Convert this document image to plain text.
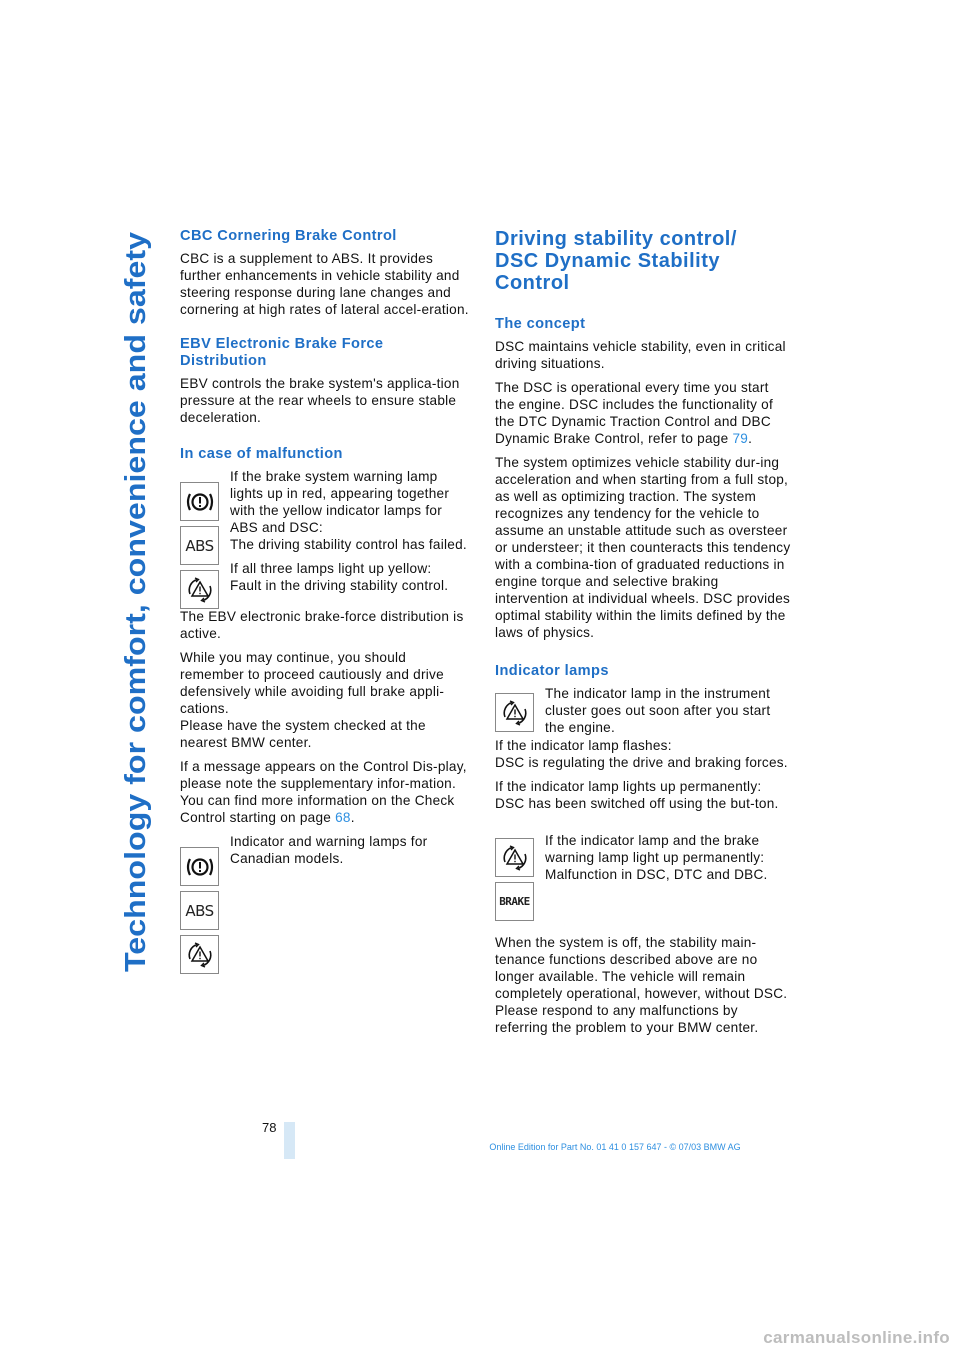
Technology for comfort, convenience and safety
CBC Cornering Brake Control

CBC is a supplement to ABS. It provides further enhancements in vehicle stability and steering response during lane changes and cornering at high rates of lateral accel-eration.

EBV Electronic Brake Force Distribution

EBV controls the brake system's applica-tion pressure at the rear wheels to ensure stable deceleration.

In case of malfunction
ABS

If the brake system warning lamp lights up in red, appearing together with the yellow indicator lamps for ABS and DSC:

The driving stability control has failed.

If all three lamps light up yellow:

Fault in the driving stability control.

The EBV electronic brake-force distribution is active.

While you may continue, you should remember to proceed cautiously and drive defensively while avoiding full brake appli-cations.

Please have the system checked at the nearest BMW center.

If a message appears on the Control Dis-play, please note the supplementary infor-mation.

You can find more information on the Check Control starting on page 68.

ABS

Indicator and warning lamps for Canadian models.

Driving stability control/
DSC Dynamic Stability
Control
The concept

DSC maintains vehicle stability, even in critical driving situations.

The DSC is operational every time you start the engine. DSC includes the functionality of the DTC Dynamic Traction Control and DBC Dynamic Brake Control, refer to page 79.

The system optimizes vehicle stability dur-ing acceleration and when starting from a full stop, as well as optimizing traction. The system recognizes any tendency for the vehicle to assume an unstable attitude such as oversteer or understeer; it then counteracts this tendency with a combina-tion of graduated reductions in engine torque and selective braking intervention at individual wheels. DSC provides optimal stability within the limits defined by the laws of physics.

Indicator lamps

The indicator lamp in the instrument cluster goes out soon after you start the engine.

If the indicator lamp flashes:

DSC is regulating the drive and braking forces.

If the indicator lamp lights up permanently: DSC has been switched off using the but-ton.

BRAKE

If the indicator lamp and the brake warning lamp light up permanently:

Malfunction in DSC, DTC and DBC.

When the system is off, the stability main-tenance functions described above are no longer available. The vehicle will remain completely operational, however, without DSC.

Please respond to any malfunctions by referring the problem to your BMW center.

78
Online Edition for Part No. 01 41 0 157 647 - © 07/03 BMW AG
carmanualsonline.info
